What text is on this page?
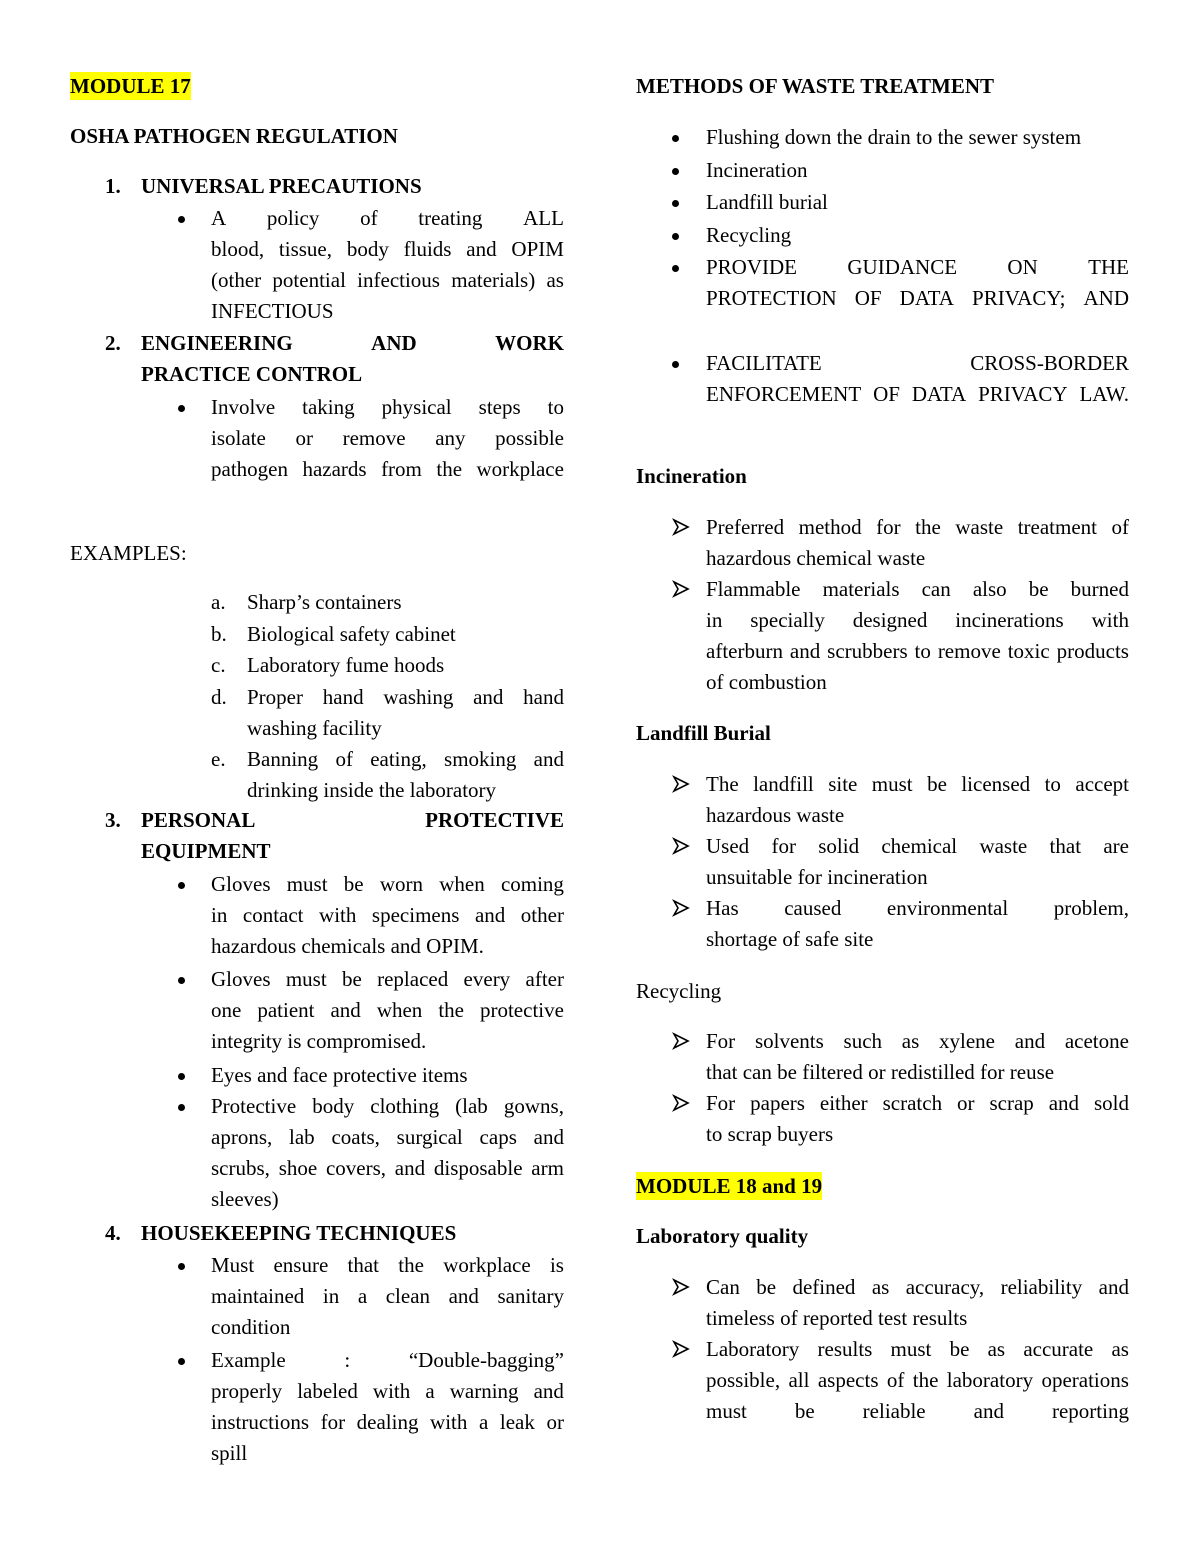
MODULE 17
OSHA PATHOGEN REGULATION
1. UNIVERSAL PRECAUTIONS
A policy of treating ALL
blood, tissue, body fluids and OPIM
(other potential infectious materials) as
INFECTIOUS
2. ENGINEERING	AND	WORK
PRACTICE CONTROL
Involve taking physical steps to
isolate or remove any possible
pathogen hazards from the workplace
EXAMPLES:
a. Sharp’s containers
b. Biological safety cabinet
c. Laboratory fume hoods
d. Proper hand washing and hand
washing facility
e. Banning of eating, smoking and
drinking inside the laboratory
3. PERSONAL	PROTECTIVE
EQUIPMENT
Gloves must be worn when coming
in contact with specimens and other
hazardous chemicals and OPIM.
Gloves must be replaced every after
one patient and when the protective
integrity is compromised.
Eyes and face protective items
Protective body clothing (lab gowns,
aprons, lab coats, surgical caps and
scrubs, shoe covers, and disposable arm
sleeves)
4. HOUSEKEEPING TECHNIQUES
Must ensure that the workplace is
maintained in a clean and sanitary
condition
Example	:	“Double-bagging”
properly labeled with a warning and
instructions for dealing with a leak or
spill
METHODS OF WASTE TREATMENT
Flushing down the drain to the sewer system
Incineration
Landfill burial
Recycling
PROVIDE GUIDANCE ON THE
PROTECTION OF DATA PRIVACY; AND
FACILITATE	CROSS-BORDER
ENFORCEMENT OF DATA PRIVACY LAW.
Incineration
Preferred method for the waste treatment of
hazardous chemical waste
Flammable materials can also be burned
in specially designed incinerations with
afterburn and scrubbers to remove toxic products
of combustion
Landfill Burial
The landfill site must be licensed to accept
hazardous waste
Used for solid chemical waste that are
unsuitable for incineration
Has caused environmental problem,
shortage of safe site
Recycling
For solvents such as xylene and acetone
that can be filtered or redistilled for reuse
For papers either scratch or scrap and sold
to scrap buyers
MODULE 18 and 19
Laboratory quality
Can be defined as accuracy, reliability and
timeless of reported test results
Laboratory results must be as accurate as
possible, all aspects of the laboratory operations
must be reliable and reporting
